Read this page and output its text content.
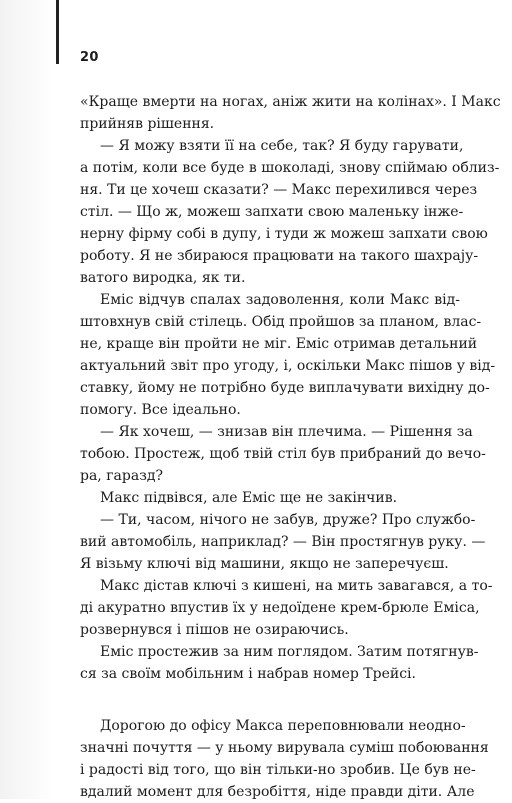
20
«Краще вмерти на ногах, аніж жити на колінах». І Макс
прийняв рішення.
— Я можу взяти її на себе, так? Я буду гарувати,
а потім, коли все буде в шоколаді, знову спіймаю облиз-
ня. Ти це хочеш сказати? — Макс перехилився через
стіл. — Що ж, можеш запхати свою маленьку інже-
нерну фірму собі в дупу, і туди ж можеш запхати свою
роботу. Я не збираюся працювати на такого шахрају-
ватого виродка, як ти.
Еміс відчув спалах задоволення, коли Макс від-
штовхнув свій стілець. Обід пройшов за планом, влас-
не, краще він пройти не міг. Еміс отримав детальний
актуальний звіт про угоду, і, оскільки Макс пішов у від-
ставку, йому не потрібно буде виплачувати вихідну до-
помогу. Все ідеально.
— Як хочеш, — знизав він плечима. — Рішення за
тобою. Простеж, щоб твій стіл був прибраний до вечо-
ра, гаразд?
Макс підвівся, але Еміс ще не закінчив.
— Ти, часом, нічого не забув, друже? Про службо-
вий автомобіль, наприклад? — Він простягнув руку. —
Я візьму ключі від машини, якщо не заперечуєш.
Макс дістав ключі з кишені, на мить завагався, а то-
ді акуратно впустив їх у недоїдене крем-брюле Еміса,
розвернувся і пішов не озираючись.
Еміс простежив за ним поглядом. Затим потягнув-
ся за своїм мобільним і набрав номер Трейсі.
Дорогою до офісу Макса переповнювали неодно-
значні почуття — у ньому вирувала суміш побоювання
і радості від того, що він тільки-но зробив. Це був не-
вдалий момент для безробіття, ніде правди діти. Але
